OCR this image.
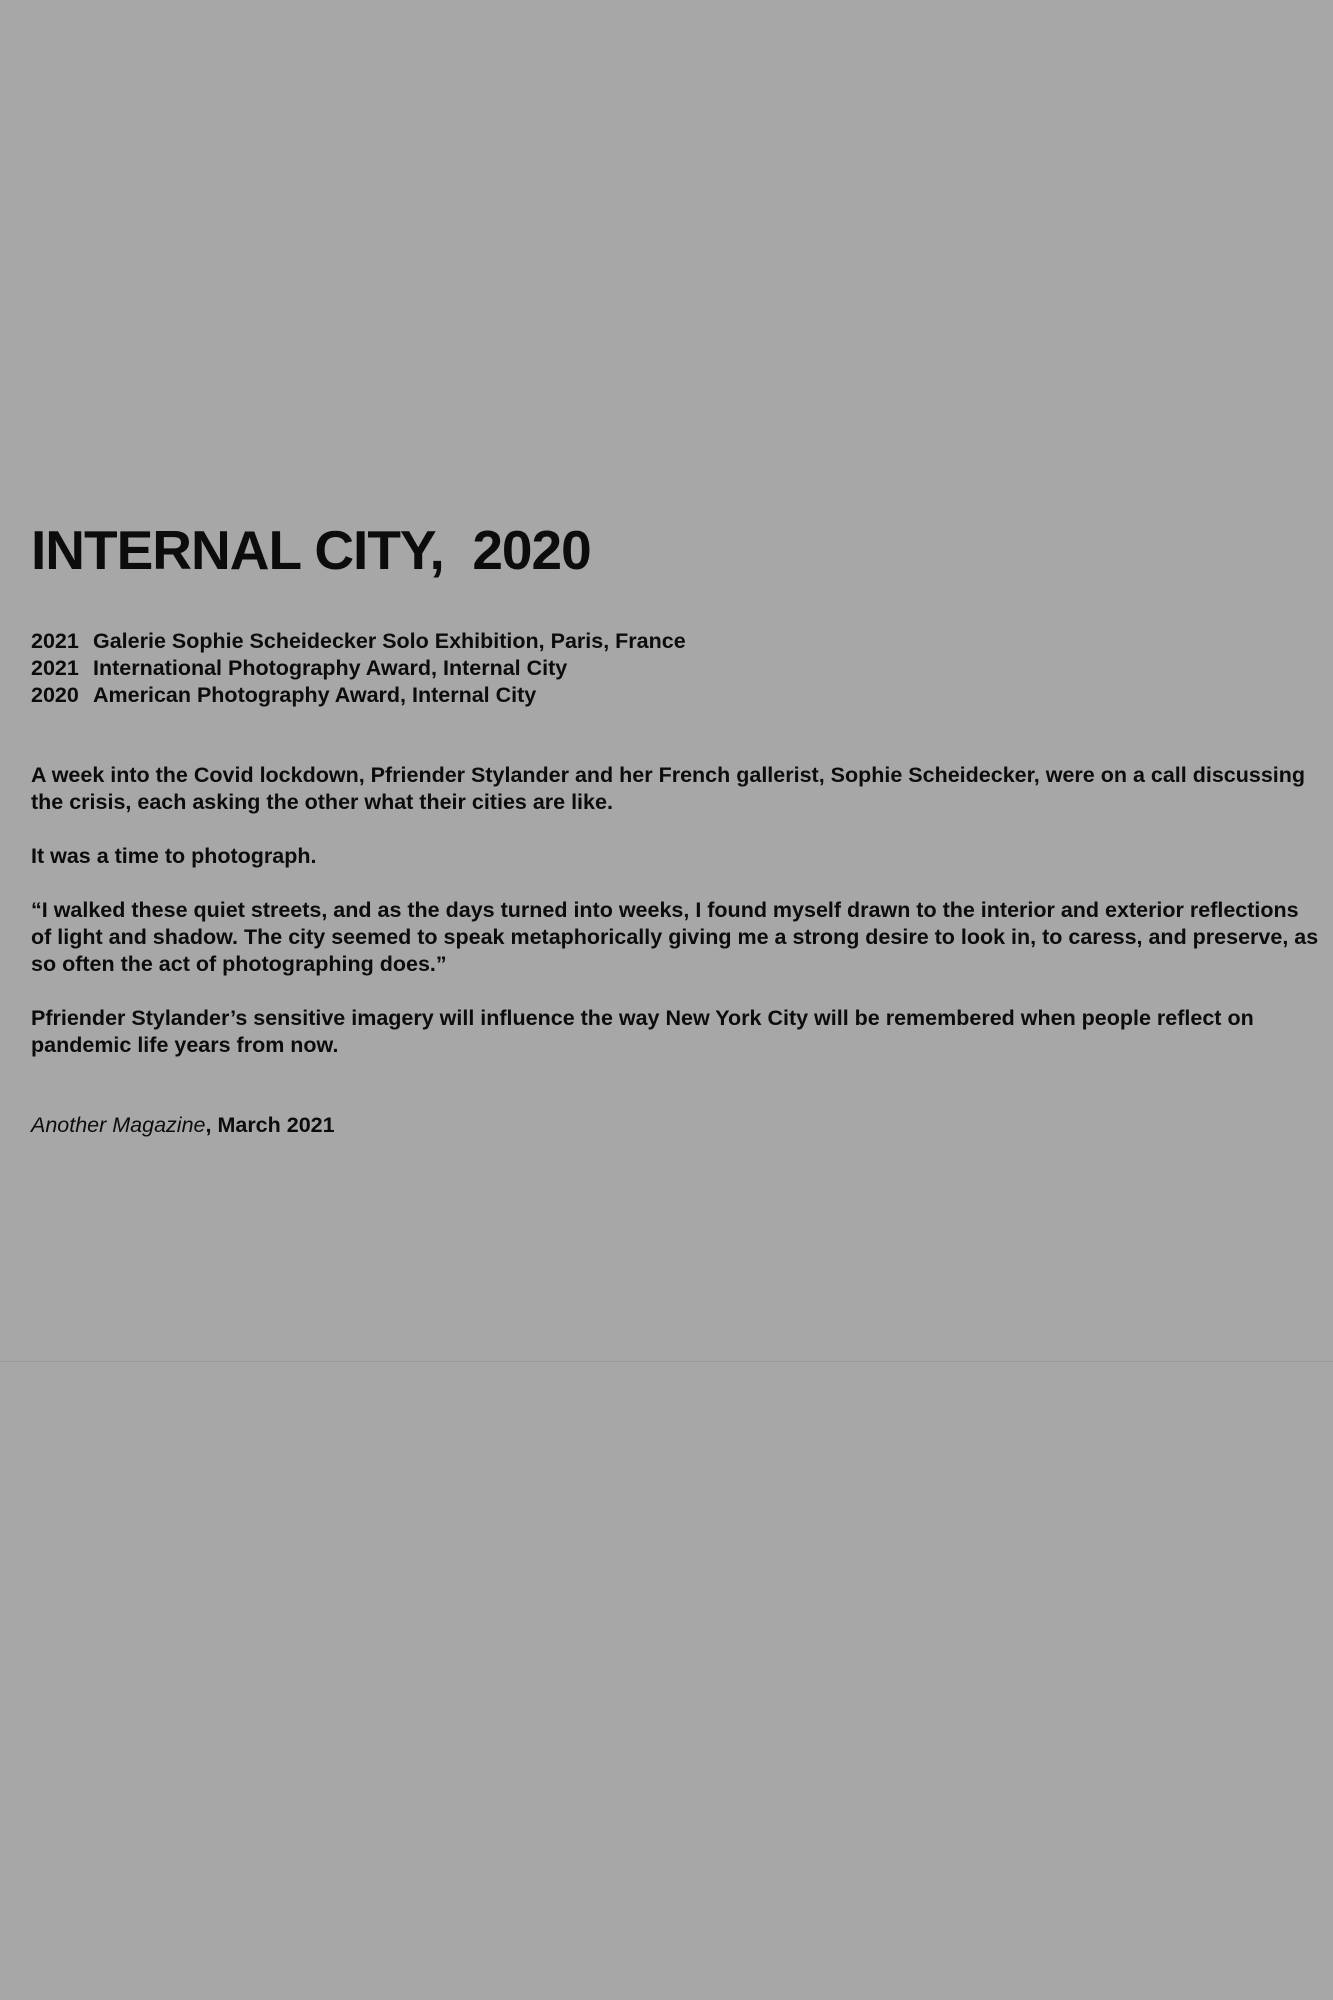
INTERNAL CITY,  2020
2021 Galerie Sophie Scheidecker Solo Exhibition, Paris, France
2021 International Photography Award, Internal City
2020 American Photography Award, Internal City

A week into the Covid lockdown, Pfriender Stylander and her French gallerist, Sophie Scheidecker, were on a call discussing the crisis, each asking the other what their cities are like.

It was a time to photograph.

“I walked these quiet streets, and as the days turned into weeks, I found myself drawn to the interior and exterior reflections of light and shadow. The city seemed to speak metaphorically giving me a strong desire to look in, to caress, and preserve, as so often the act of photographing does.”

Pfriender Stylander’s sensitive imagery will influence the way New York City will be remembered when people reflect on pandemic life years from now.

Another Magazine, March 2021
